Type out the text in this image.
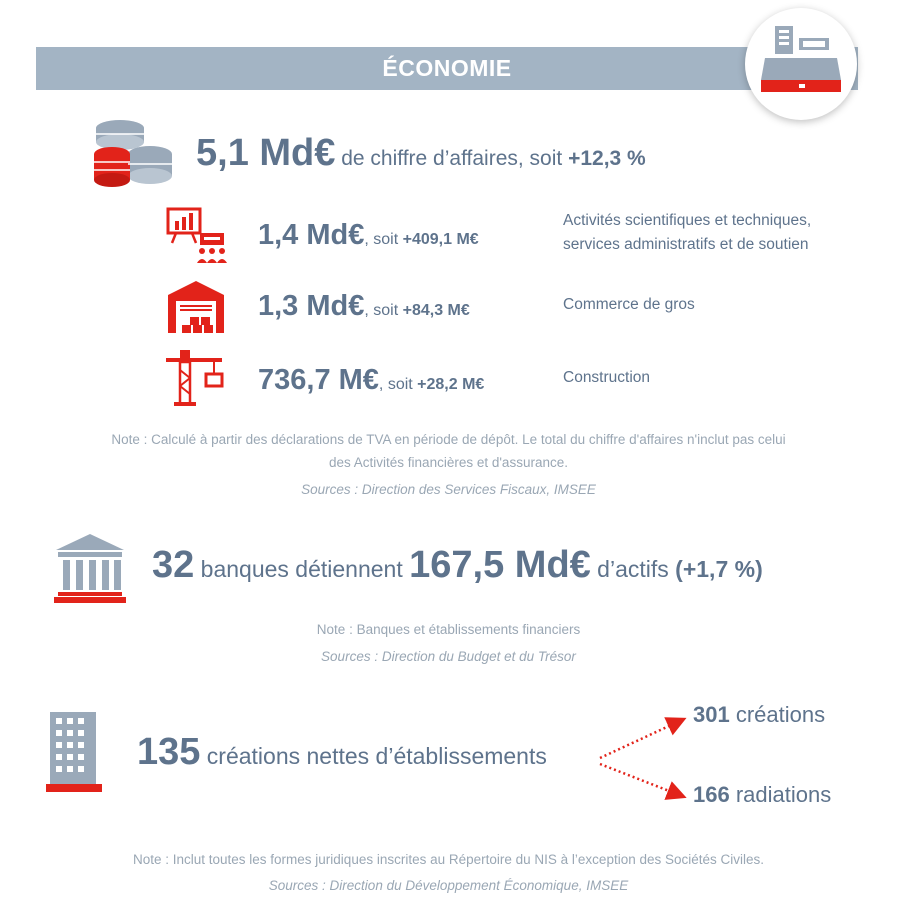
ÉCONOMIE
5,1 Md€ de chiffre d’affaires, soit +12,3 %
1,4 Md€, soit +409,1 M€
Activités scientifiques et techniques,
services administratifs et de soutien
1,3 Md€, soit +84,3 M€	Commerce de gros
736,7 M€, soit +28,2 M€	Construction
Note : Calculé à partir des déclarations de TVA en période de dépôt. Le total du chiffre d'affaires n'inclut pas celui
des Activités financières et d'assurance.
Sources : Direction des Services Fiscaux, IMSEE
32 banques détiennent 167,5 Md€ d’actifs (+1,7 %)
Note : Banques et établissements financiers
Sources : Direction du Budget et du Trésor
135 créations nettes d’établissements
301 créations
166 radiations
Note : Inclut toutes les formes juridiques inscrites au Répertoire du NIS à l’exception des Sociétés Civiles.
Sources : Direction du Développement Économique, IMSEE
